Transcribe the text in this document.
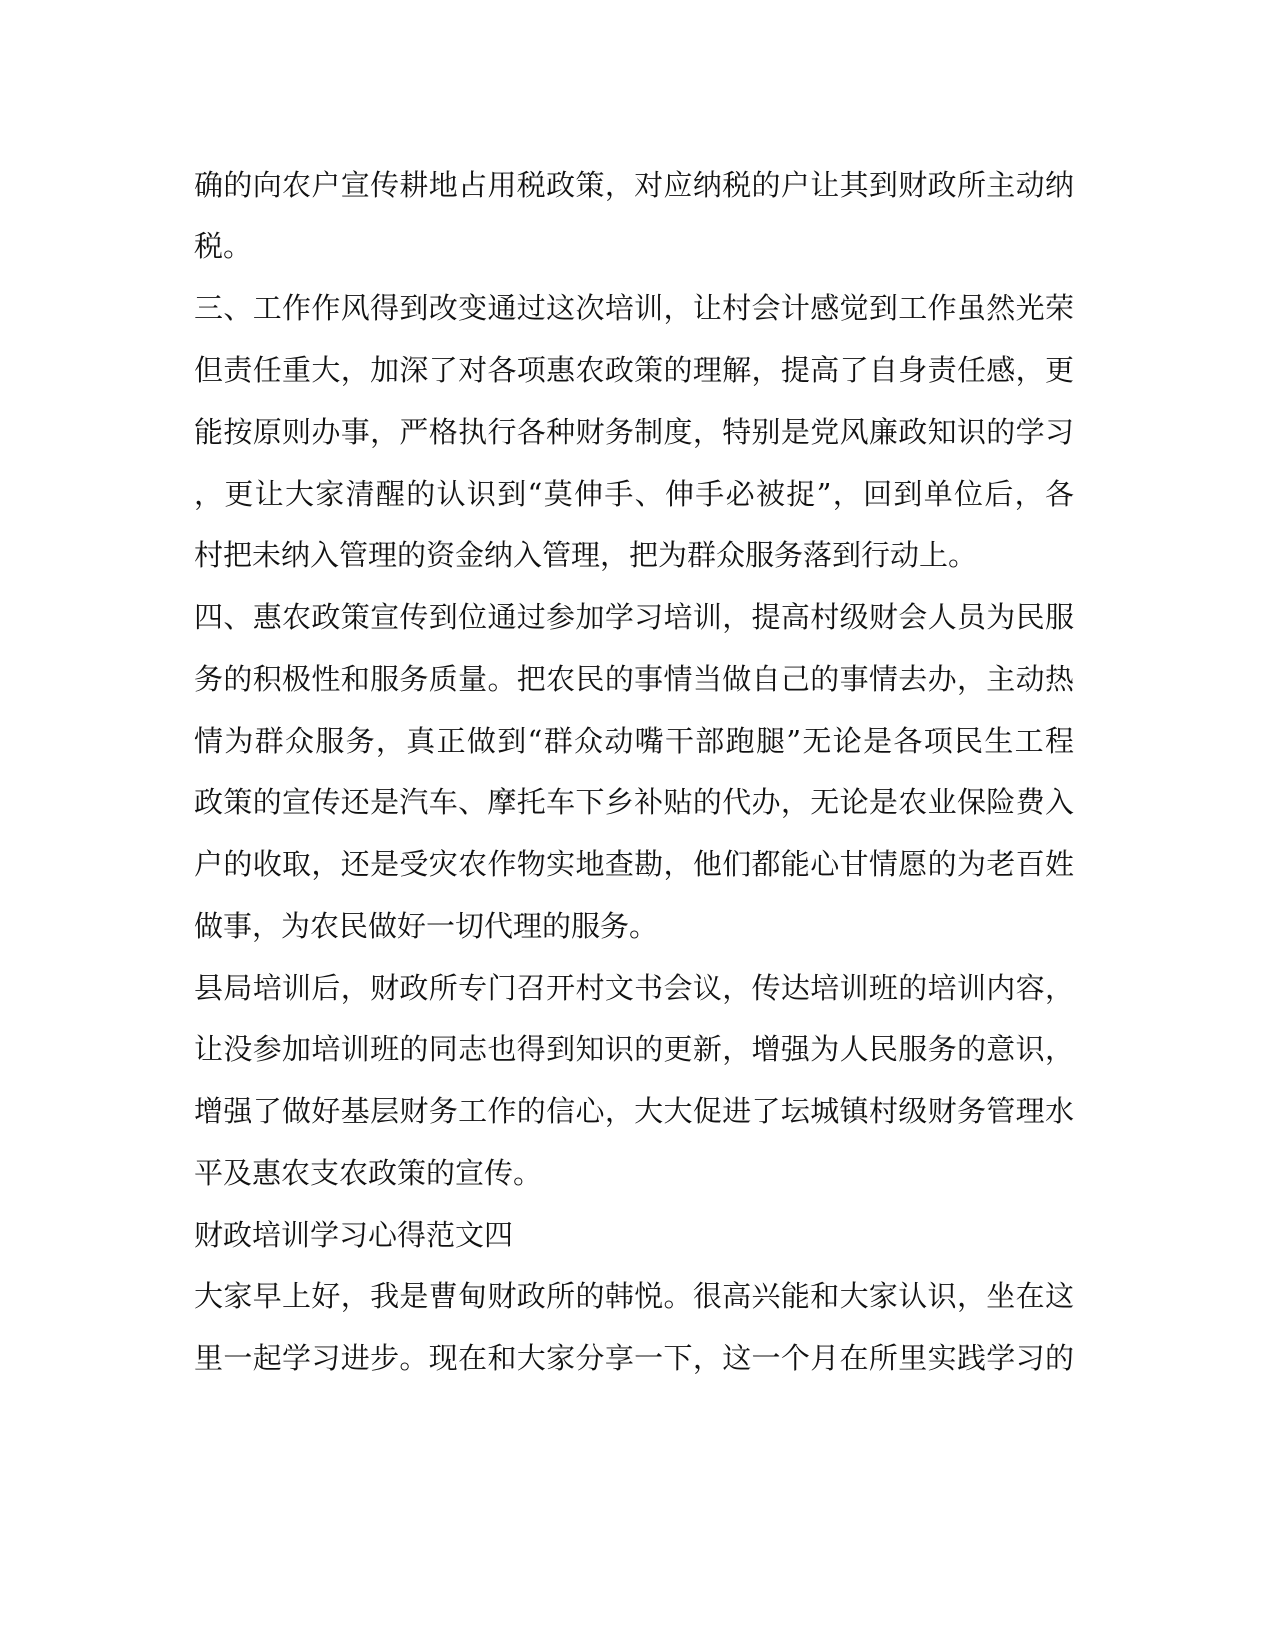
确的向农户宣传耕地占用税政策，对应纳税的户让其到财政所主动纳

税。

三、工作作风得到改变通过这次培训，让村会计感觉到工作虽然光荣

但责任重大，加深了对各项惠农政策的理解，提高了自身责任感，更

能按原则办事，严格执行各种财务制度，特别是党风廉政知识的学习

，更让大家清醒的认识到“莫伸手、伸手必被捉”，回到单位后，各

村把未纳入管理的资金纳入管理，把为群众服务落到行动上。

四、惠农政策宣传到位通过参加学习培训，提高村级财会人员为民服

务的积极性和服务质量。把农民的事情当做自己的事情去办，主动热

情为群众服务，真正做到“群众动嘴干部跑腿”无论是各项民生工程

政策的宣传还是汽车、摩托车下乡补贴的代办，无论是农业保险费入

户的收取，还是受灾农作物实地查勘，他们都能心甘情愿的为老百姓

做事，为农民做好一切代理的服务。

县局培训后，财政所专门召开村文书会议，传达培训班的培训内容，

让没参加培训班的同志也得到知识的更新，增强为人民服务的意识，

增强了做好基层财务工作的信心，大大促进了坛城镇村级财务管理水

平及惠农支农政策的宣传。

财政培训学习心得范文四

大家早上好，我是曹甸财政所的韩悦。很高兴能和大家认识，坐在这

里一起学习进步。现在和大家分享一下，这一个月在所里实践学习的
